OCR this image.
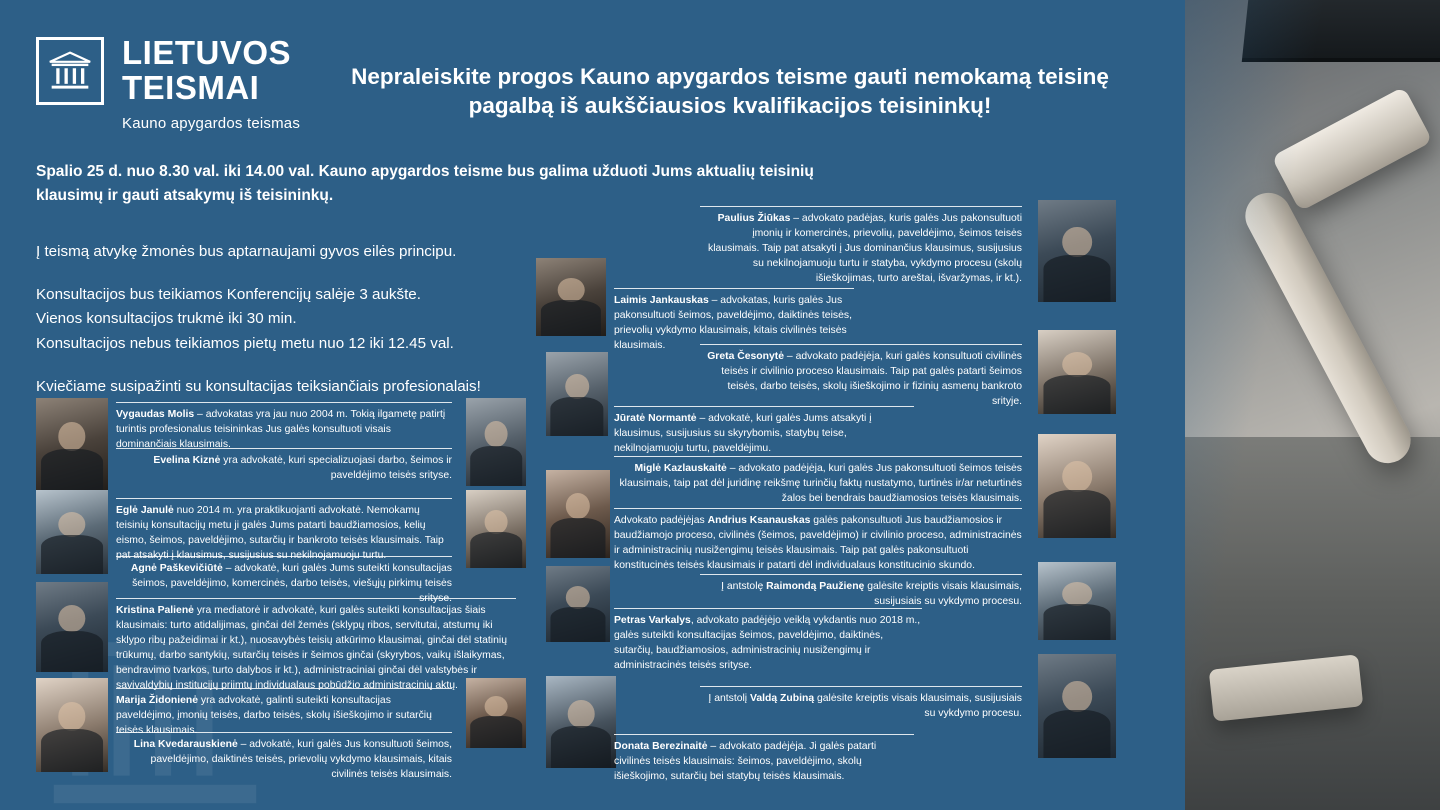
LIETUVOS
TEISMAI
Kauno apygardos teismas
Nepraleiskite progos Kauno apygardos teisme gauti nemokamą teisinę pagalbą iš aukščiausios kvalifikacijos teisininkų!
Spalio 25 d. nuo 8.30 val. iki 14.00 val. Kauno apygardos teisme bus galima užduoti Jums aktualių teisinių klausimų ir gauti atsakymų iš teisininkų.

Į teismą atvykę žmonės bus aptarnaujami gyvos eilės principu.

Konsultacijos bus teikiamos Konferencijų salėje 3 aukšte.
Vienos konsultacijos trukmė iki 30 min.
Konsultacijos nebus teikiamos pietų metu nuo 12 iki 12.45 val.

Kviečiame susipažinti su konsultacijas teiksiančiais profesionalais!

Paulius Žiūkas – advokato padėjas, kuris galės Jus pakonsultuoti įmonių ir komercinės, prievolių, paveldėjimo, šeimos teisės klausimais. Taip pat atsakyti į Jus dominančius klausimus, susijusius su nekilnojamuoju turtu ir statyba, vykdymo procesu (skolų išieškojimas, turto areštai, išvaržymas, ir kt.).
Laimis Jankauskas – advokatas, kuris galės Jus pakonsultuoti šeimos, paveldėjimo, daiktinės teisės, prievolių vykdymo klausimais, kitais civilinės teisės klausimais.
Greta Česonytė – advokato padėjėja, kuri galės konsultuoti civilinės teisės ir civilinio proceso klausimais. Taip pat galės patarti šeimos teisės, darbo teisės, skolų išieškojimo ir fizinių asmenų bankroto srityje.
Jūratė Normantė – advokatė, kuri galės Jums atsakyti į klausimus, susijusius su skyrybomis, statybų teise, nekilnojamuoju turtu, paveldėjimu.
Miglė Kazlauskaitė – advokato padėjėja, kuri galės Jus pakonsultuoti šeimos teisės klausimais, taip pat dėl juridinę reikšmę turinčių faktų nustatymo, turtinės ir/ar neturtinės žalos bei bendrais baudžiamosios teisės klausimais.
Advokato padėjėjas Andrius Ksanauskas galės pakonsultuoti Jus baudžiamosios ir baudžiamojo proceso, civilinės (šeimos, paveldėjimo) ir civilinio proceso, administracinės ir administracinių nusižengimų teisės klausimais. Taip pat galės pakonsultuoti konstitucinės teisės klausimais ir patarti dėl individualaus konstitucinio skundo.
Į antstolę Raimondą Paužienę galėsite kreiptis visais klausimais, susijusiais su vykdymo procesu.
Petras Varkalys, advokato padėjėjo veiklą vykdantis nuo 2018 m., galės suteikti konsultacijas šeimos, paveldėjimo, daiktinės, sutarčių, baudžiamosios, administracinių nusižengimų ir administracinės teisės srityse.
Į antstolį Valdą Zubiną galėsite kreiptis visais klausimais, susijusiais su vykdymo procesu.
Vygaudas Molis – advokatas yra jau nuo 2004 m. Tokią ilgametę patirtį turintis profesionalus teisininkas Jus galės konsultuoti visais dominančiais klausimais.
Evelina Kiznė yra advokatė, kuri specializuojasi darbo, šeimos ir paveldėjimo teisės srityse.
Eglė Janulė nuo 2014 m. yra praktikuojanti advokatė. Nemokamų teisinių konsultacijų metu ji galės Jums patarti baudžiamosios, kelių eismo, šeimos, paveldėjimo, sutarčių ir bankroto teisės klausimais. Taip pat atsakyti į klausimus, susijusius su nekilnojamuoju turtu.
Agnė Paškevičiūtė – advokatė, kuri galės Jums suteikti konsultacijas šeimos, paveldėjimo, komercinės, darbo teisės, viešųjų pirkimų teisės srityse.
Kristina Palienė yra mediatorė ir advokatė, kuri galės suteikti konsultacijas šiais klausimais: turto atidalijimas, ginčai dėl žemės (sklypų ribos, servitutai, atstumų iki sklypo ribų pažeidimai ir kt.), nuosavybės teisių atkūrimo klausimai, ginčai dėl statinių trūkumų, darbo santykių, sutarčių teisės ir šeimos ginčai (skyrybos, vaikų išlaikymas, bendravimo tvarkos, turto dalybos ir kt.), administraciniai ginčai dėl valstybės ir savivaldybių institucijų priimtų individualaus pobūdžio administracinių aktų.
Marija Židonienė yra advokatė, galinti suteikti konsultacijas paveldėjimo, įmonių teisės, darbo teisės, skolų išieškojimo ir sutarčių teisės klausimais.
Lina Kvedarauskienė – advokatė, kuri galės Jus konsultuoti šeimos, paveldėjimo, daiktinės teisės, prievolių vykdymo klausimais, kitais civilinės teisės klausimais.
Donata Berezinaitė – advokato padėjėja. Ji galės patarti civilinės teisės klausimais: šeimos, paveldėjimo, skolų išieškojimo, sutarčių bei statybų teisės klausimais.
